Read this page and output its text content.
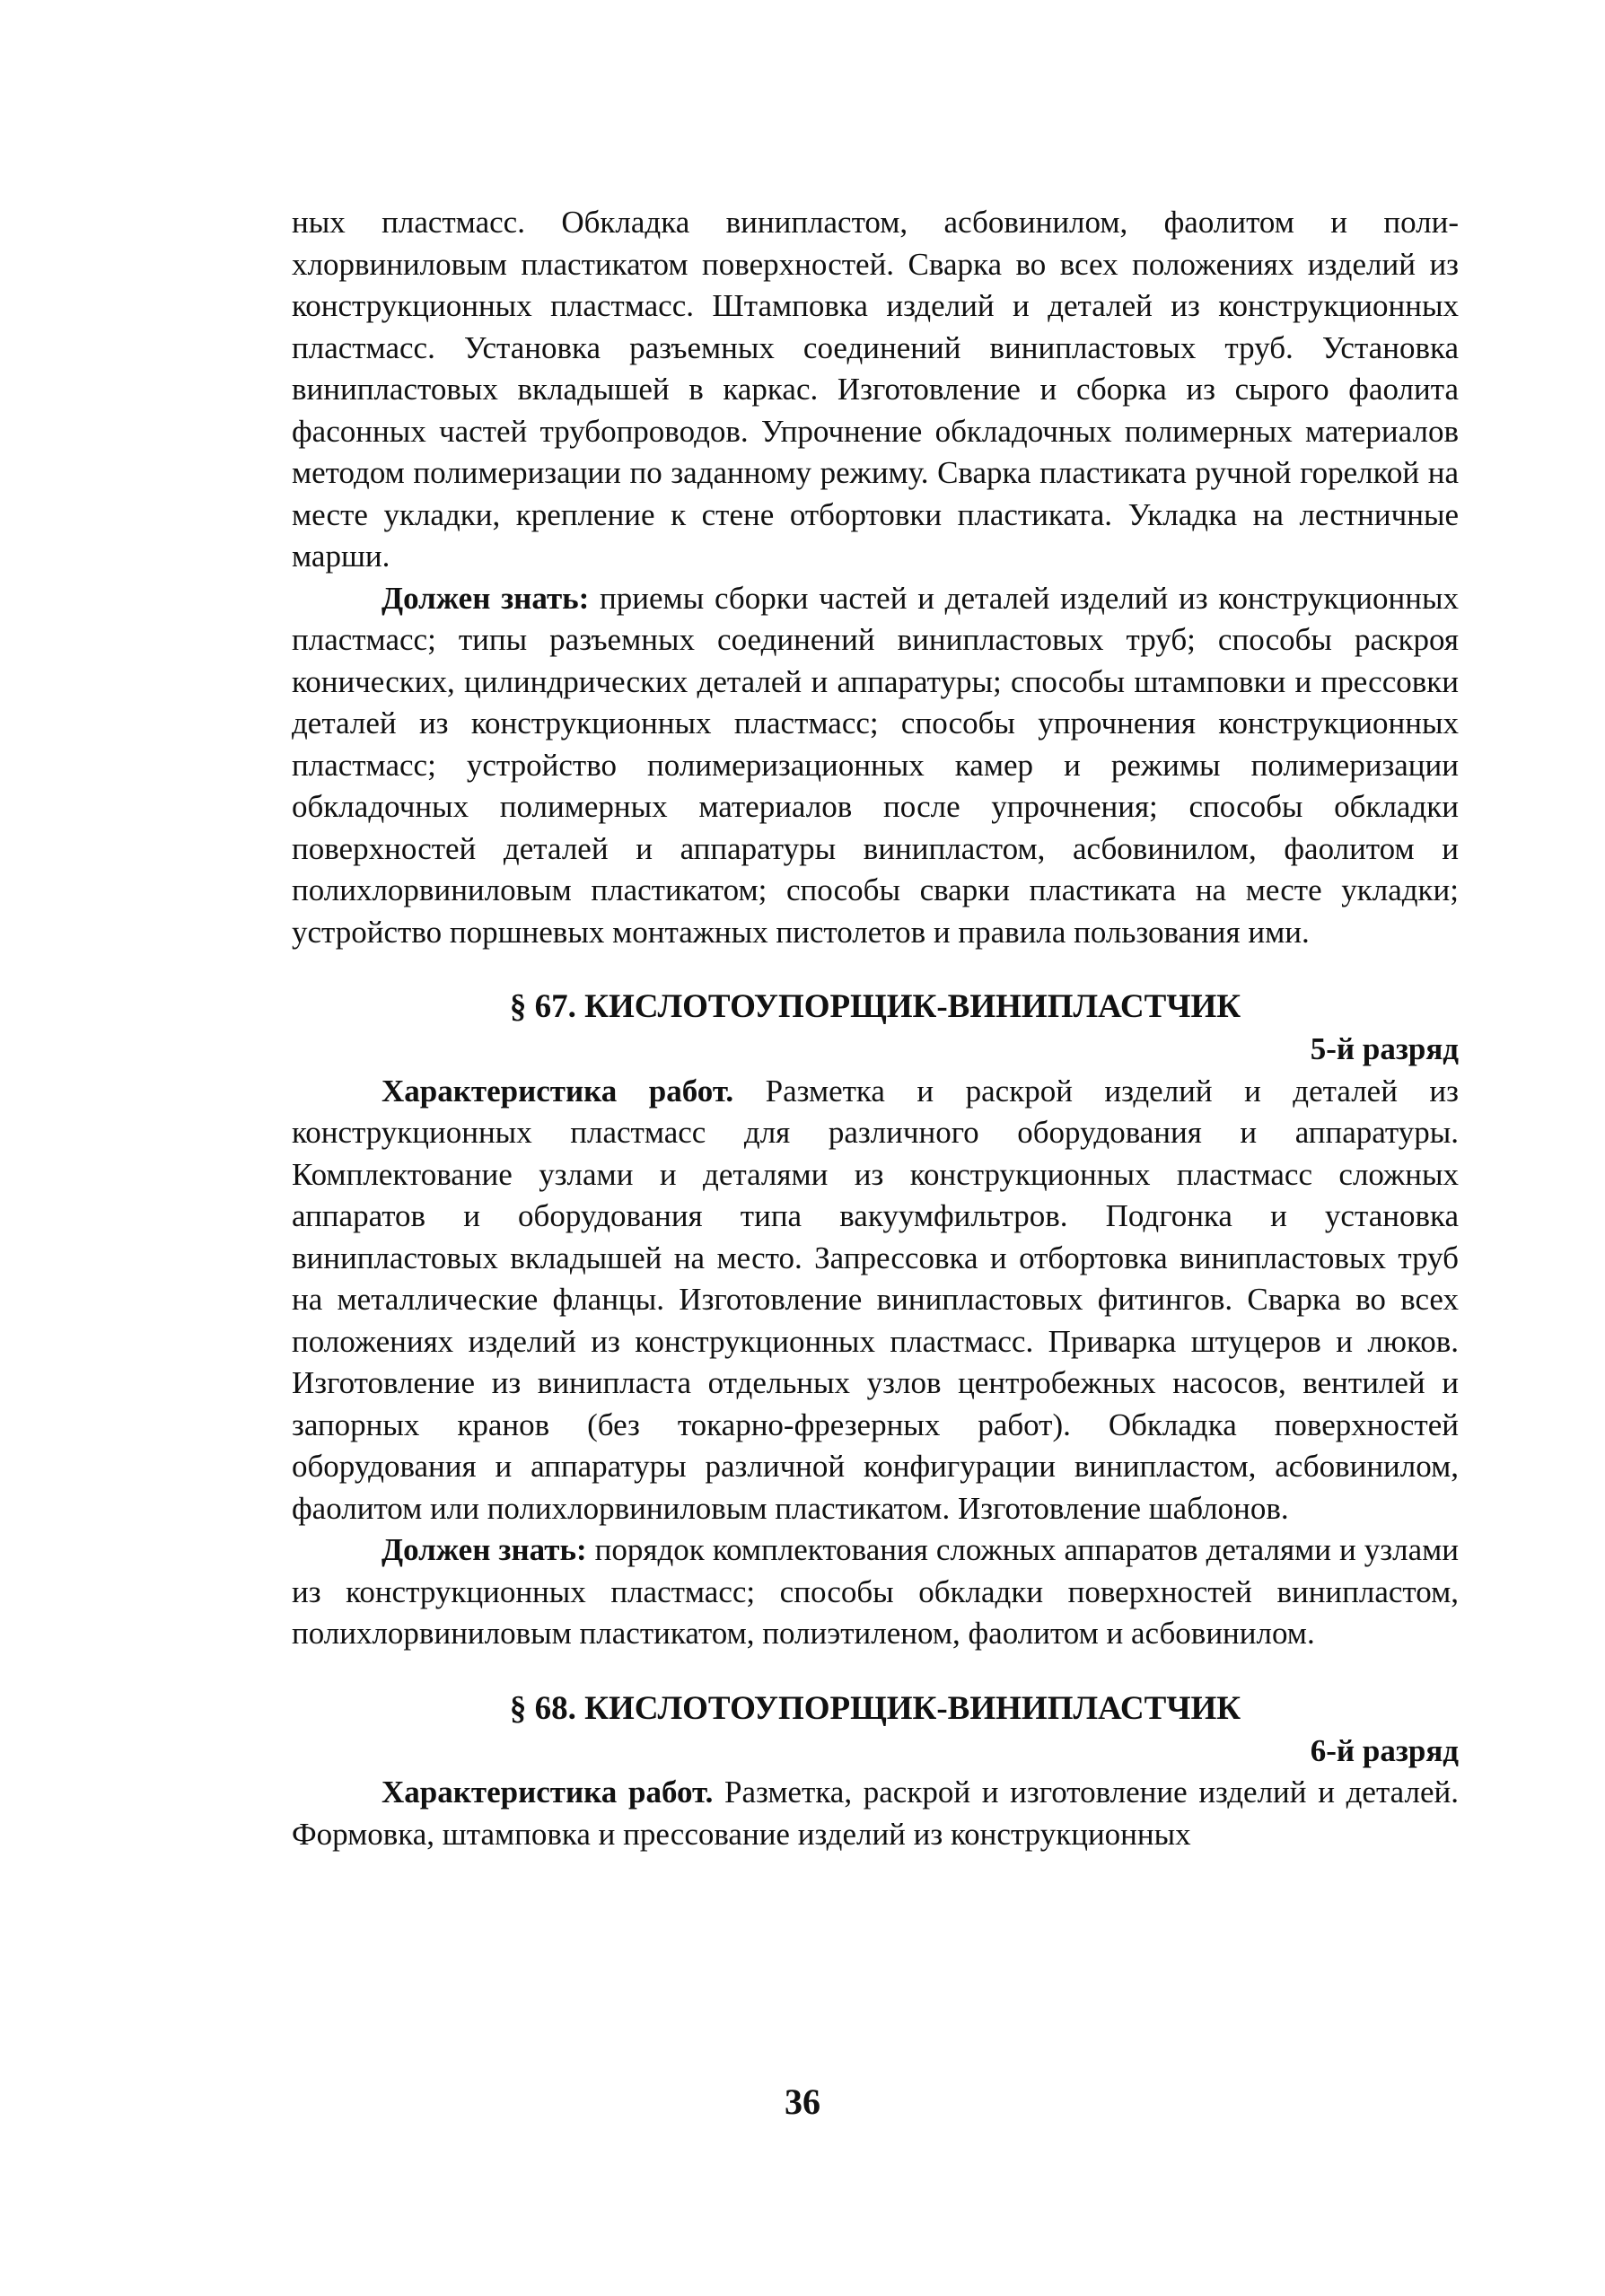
ных пластмасс. Обкладка винипластом, асбовинилом, фаолитом и полихлорвиниловым пластикатом поверхностей. Сварка во всех положениях изделий из конструкционных пластмасс. Штамповка изделий и деталей из конструкционных пластмасс. Установка разъемных соединений винипластовых труб. Установка винипластовых вкладышей в каркас. Изготовление и сборка из сырого фаолита фасонных частей трубопроводов. Упрочнение обкладочных полимерных материалов методом полимеризации по заданному режиму. Сварка пластиката ручной горелкой на месте укладки, крепление к стене отбортовки пластиката. Укладка на лестничные марши.

Должен знать: приемы сборки частей и деталей изделий из конструкционных пластмасс; типы разъемных соединений винипластовых труб; способы раскроя конических, цилиндрических деталей и аппаратуры; способы штамповки и прессовки деталей из конструкционных пластмасс; способы упрочнения конструкционных пластмасс; устройство полимеризационных камер и режимы полимеризации обкладочных полимерных материалов после упрочнения; способы обкладки поверхностей деталей и аппаратуры винипластом, асбовинилом, фаолитом и полихлорвиниловым пластикатом; способы сварки пластиката на месте укладки; устройство поршневых монтажных пистолетов и правила пользования ими.

§ 67. КИСЛОТОУПОРЩИК-ВИНИПЛАСТЧИК
5-й разряд

Характеристика работ. Разметка и раскрой изделий и деталей из конструкционных пластмасс для различного оборудования и аппаратуры. Комплектование узлами и деталями из конструкционных пластмасс сложных аппаратов и оборудования типа вакуумфильтров. Подгонка и установка винипластовых вкладышей на место. Запрессовка и отбортовка винипластовых труб на металлические фланцы. Изготовление винипластовых фитингов. Сварка во всех положениях изделий из конструкционных пластмасс. Приварка штуцеров и люков. Изготовление из винипласта отдельных узлов центробежных насосов, вентилей и запорных кранов (без токарно-фрезерных работ). Обкладка поверхностей оборудования и аппаратуры различной конфигурации винипластом, асбовинилом, фаолитом или полихлорвиниловым пластикатом. Изготовление шаблонов.

Должен знать: порядок комплектования сложных аппаратов деталями и узлами из конструкционных пластмасс; способы обкладки поверхностей винипластом, полихлорвиниловым пластикатом, полиэтиленом, фаолитом и асбовинилом.

§ 68. КИСЛОТОУПОРЩИК-ВИНИПЛАСТЧИК
6-й разряд

Характеристика работ. Разметка, раскрой и изготовление изделий и деталей. Формовка, штамповка и прессование изделий из конструкционных

36
